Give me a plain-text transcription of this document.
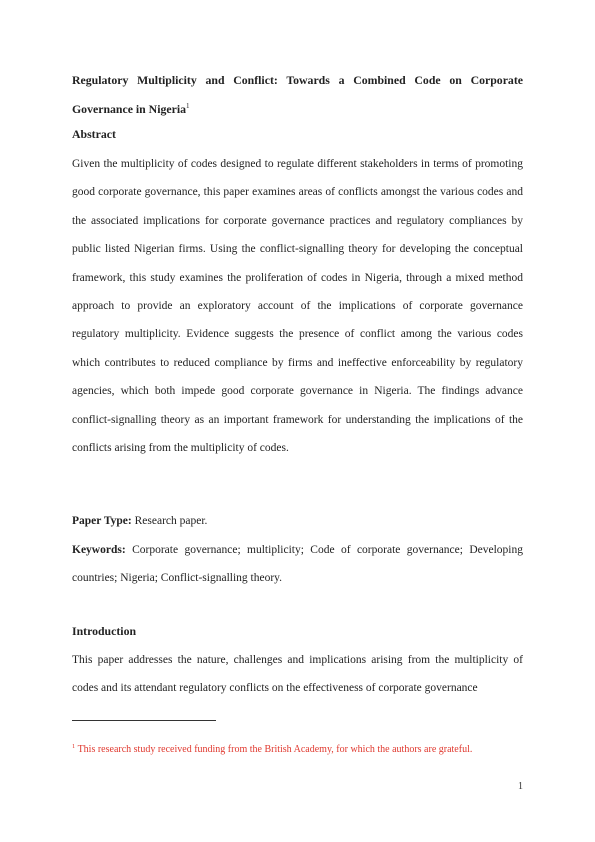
Regulatory Multiplicity and Conflict: Towards a Combined Code on Corporate Governance in Nigeria$^1$
Abstract

Given the multiplicity of codes designed to regulate different stakeholders in terms of promoting good corporate governance, this paper examines areas of conflicts amongst the various codes and the associated implications for corporate governance practices and regulatory compliances by public listed Nigerian firms. Using the conflict-signalling theory for developing the conceptual framework, this study examines the proliferation of codes in Nigeria, through a mixed method approach to provide an exploratory account of the implications of corporate governance regulatory multiplicity. Evidence suggests the presence of conflict among the various codes which contributes to reduced compliance by firms and ineffective enforceability by regulatory agencies, which both impede good corporate governance in Nigeria. The findings advance conflict-signalling theory as an important framework for understanding the implications of the conflicts arising from the multiplicity of codes.

Paper Type: Research paper.

Keywords: Corporate governance; multiplicity; Code of corporate governance; Developing countries; Nigeria; Conflict-signalling theory.

Introduction

This paper addresses the nature, challenges and implications arising from the multiplicity of codes and its attendant regulatory conflicts on the effectiveness of corporate governance

$^1$ This research study received funding from the British Academy, for which the authors are grateful.
1
